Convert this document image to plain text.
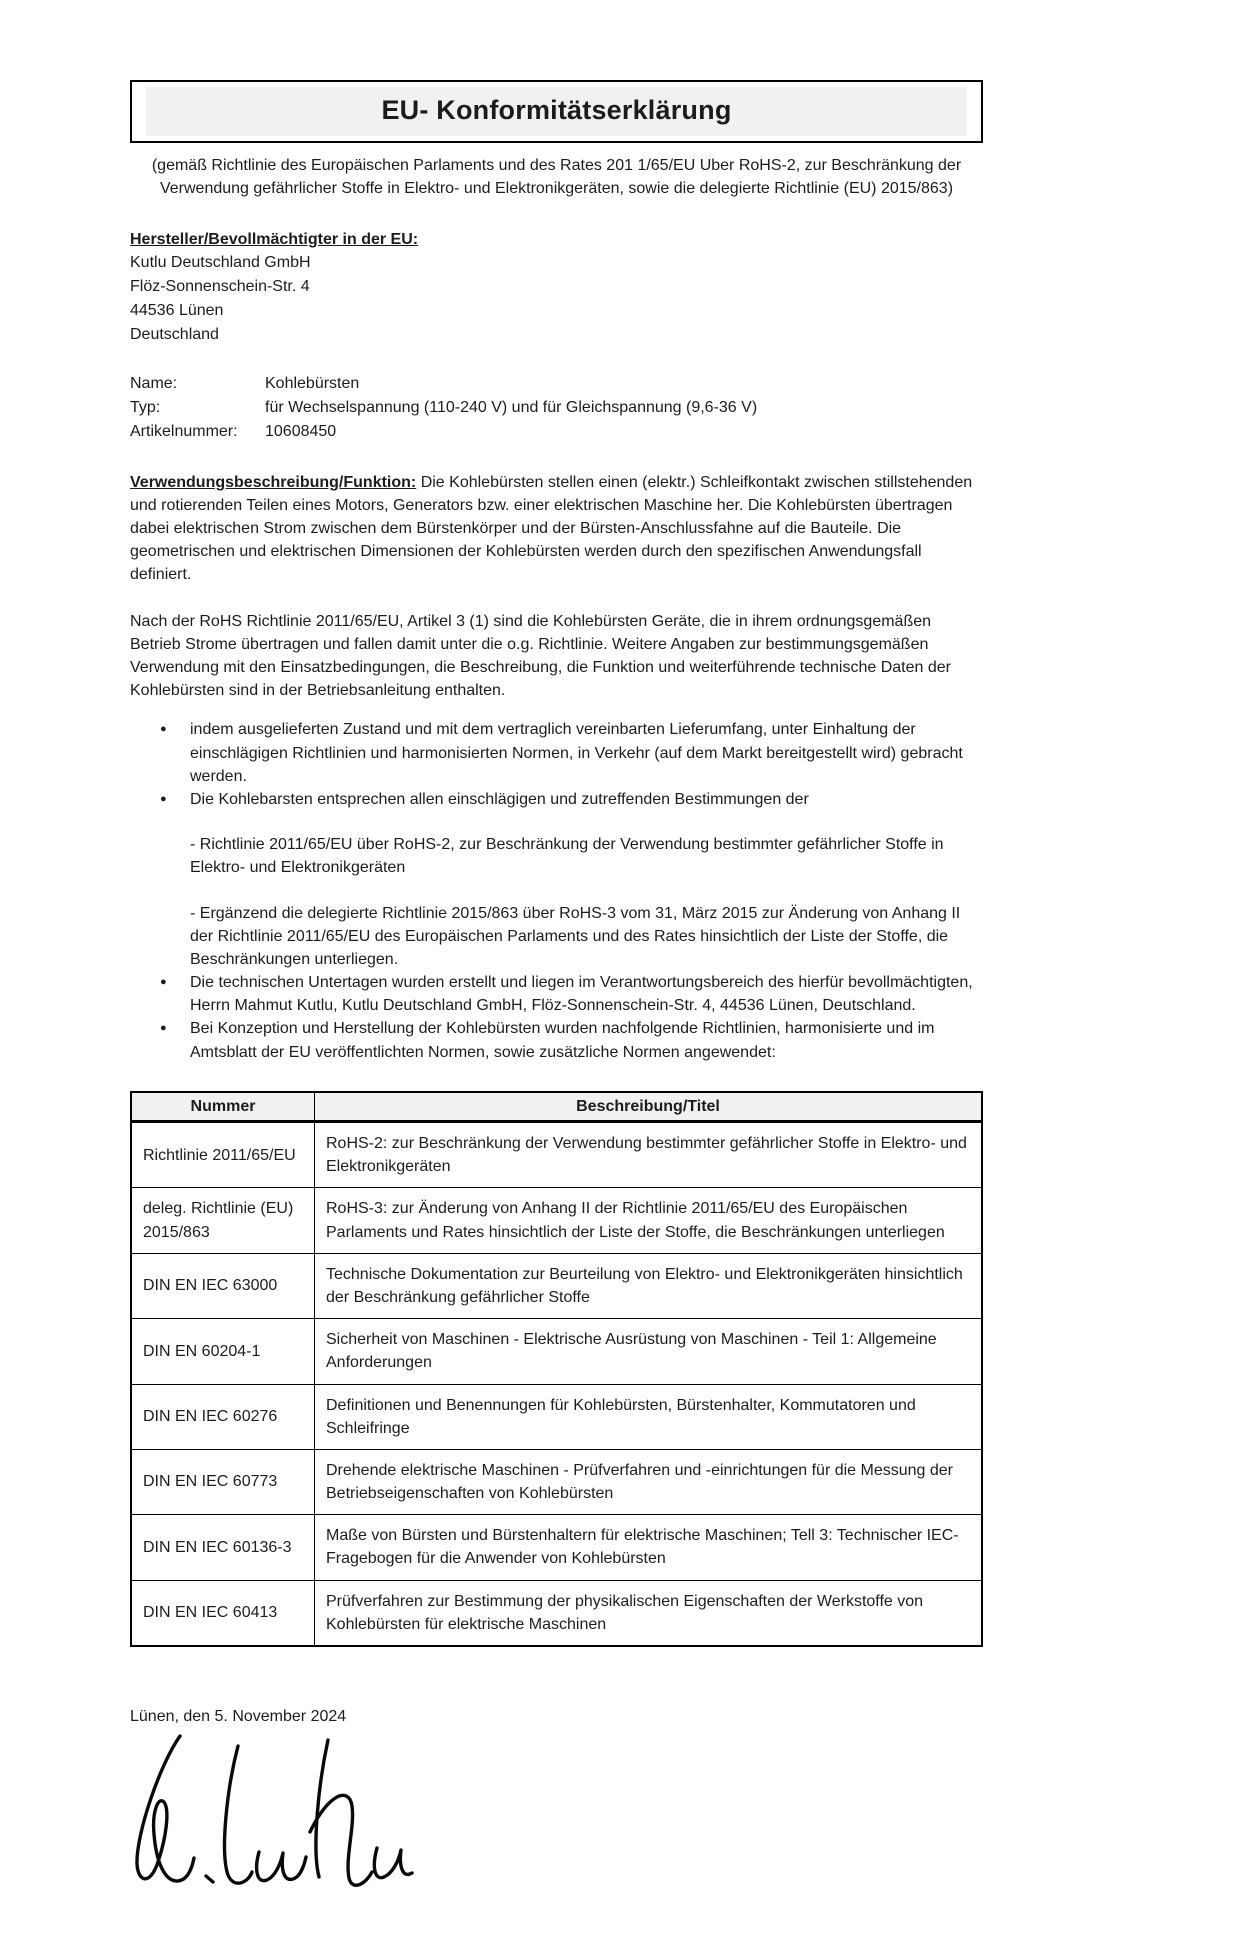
EU- Konformitätserklärung
(gemäß Richtlinie des Europäischen Parlaments und des Rates 201 1/65/EU Uber RoHS-2, zur Beschränkung der Verwendung gefährlicher Stoffe in Elektro- und Elektronikgeräten, sowie die delegierte Richtlinie (EU) 2015/863)
Hersteller/Bevollmächtigter in der EU:
Kutlu Deutschland GmbH
Flöz-Sonnenschein-Str. 4
44536 Lünen
Deutschland
Name:	Kohlebürsten
Typ:	für Wechselspannung (110-240 V) und für Gleichspannung (9,6-36 V)
Artikelnummer:	10608450

Verwendungsbeschreibung/Funktion: Die Kohlebürsten stellen einen (elektr.) Schleifkontakt zwischen stillstehenden und rotierenden Teilen eines Motors, Generators bzw. einer elektrischen Maschine her. Die Kohlebürsten übertragen dabei elektrischen Strom zwischen dem Bürstenkörper und der Bürsten-Anschlussfahne auf die Bauteile. Die geometrischen und elektrischen Dimensionen der Kohlebürsten werden durch den spezifischen Anwendungsfall definiert.

Nach der RoHS Richtlinie 2011/65/EU, Artikel 3 (1) sind die Kohlebürsten Geräte, die in ihrem ordnungsgemäßen Betrieb Strome übertragen und fallen damit unter die o.g. Richtlinie. Weitere Angaben zur bestimmungsgemäßen Verwendung mit den Einsatzbedingungen, die Beschreibung, die Funktion und weiterführende technische Daten der Kohlebürsten sind in der Betriebsanleitung enthalten.

● indem ausgelieferten Zustand und mit dem vertraglich vereinbarten Lieferumfang, unter Einhaltung der einschlägigen Richtlinien und harmonisierten Normen, in Verkehr (auf dem Markt bereitgestellt wird) gebracht werden.
● Die Kohlebarsten entsprechen allen einschlägigen und zutreffenden Bestimmungen der
- Richtlinie 2011/65/EU über RoHS-2, zur Beschränkung der Verwendung bestimmter gefährlicher Stoffe in Elektro- und Elektronikgeräten
- Ergänzend die delegierte Richtlinie 2015/863 über RoHS-3 vom 31, März 2015 zur Änderung von Anhang II der Richtlinie 2011/65/EU des Europäischen Parlaments und des Rates hinsichtlich der Liste der Stoffe, die Beschränkungen unterliegen.
● Die technischen Untertagen wurden erstellt und liegen im Verantwortungsbereich des hierfür bevollmächtigten, Herrn Mahmut Kutlu, Kutlu Deutschland GmbH, Flöz-Sonnenschein-Str. 4, 44536 Lünen, Deutschland.
● Bei Konzeption und Herstellung der Kohlebürsten wurden nachfolgende Richtlinien, harmonisierte und im Amtsblatt der EU veröffentlichten Normen, sowie zusätzliche Normen angewendet:
Nummer	Beschreibung/Titel
Richtlinie 2011/65/EU	RoHS-2: zur Beschränkung der Verwendung bestimmter gefährlicher Stoffe in Elektro- und Elektronikgeräten
deleg. Richtlinie (EU) 2015/863	RoHS-3: zur Änderung von Anhang II der Richtlinie 2011/65/EU des Europäischen Parlaments und Rates hinsichtlich der Liste der Stoffe, die Beschränkungen unterliegen
DIN EN IEC 63000	Technische Dokumentation zur Beurteilung von Elektro- und Elektronikgeräten hinsichtlich der Beschränkung gefährlicher Stoffe
DIN EN 60204-1	Sicherheit von Maschinen - Elektrische Ausrüstung von Maschinen - Teil 1: Allgemeine Anforderungen
DIN EN IEC 60276	Definitionen und Benennungen für Kohlebürsten, Bürstenhalter, Kommutatoren und Schleifringe
DIN EN IEC 60773	Drehende elektrische Maschinen - Prüfverfahren und -einrichtungen für die Messung der Betriebseigenschaften von Kohlebürsten
DIN EN IEC 60136-3	Maße von Bürsten und Bürstenhaltern für elektrische Maschinen; Tell 3: Technischer IEC-Fragebogen für die Anwender von Kohlebürsten
DIN EN IEC 60413	Prüfverfahren zur Bestimmung der physikalischen Eigenschaften der Werkstoffe von Kohlebürsten für elektrische Maschinen
Lünen, den 5. November 2024
